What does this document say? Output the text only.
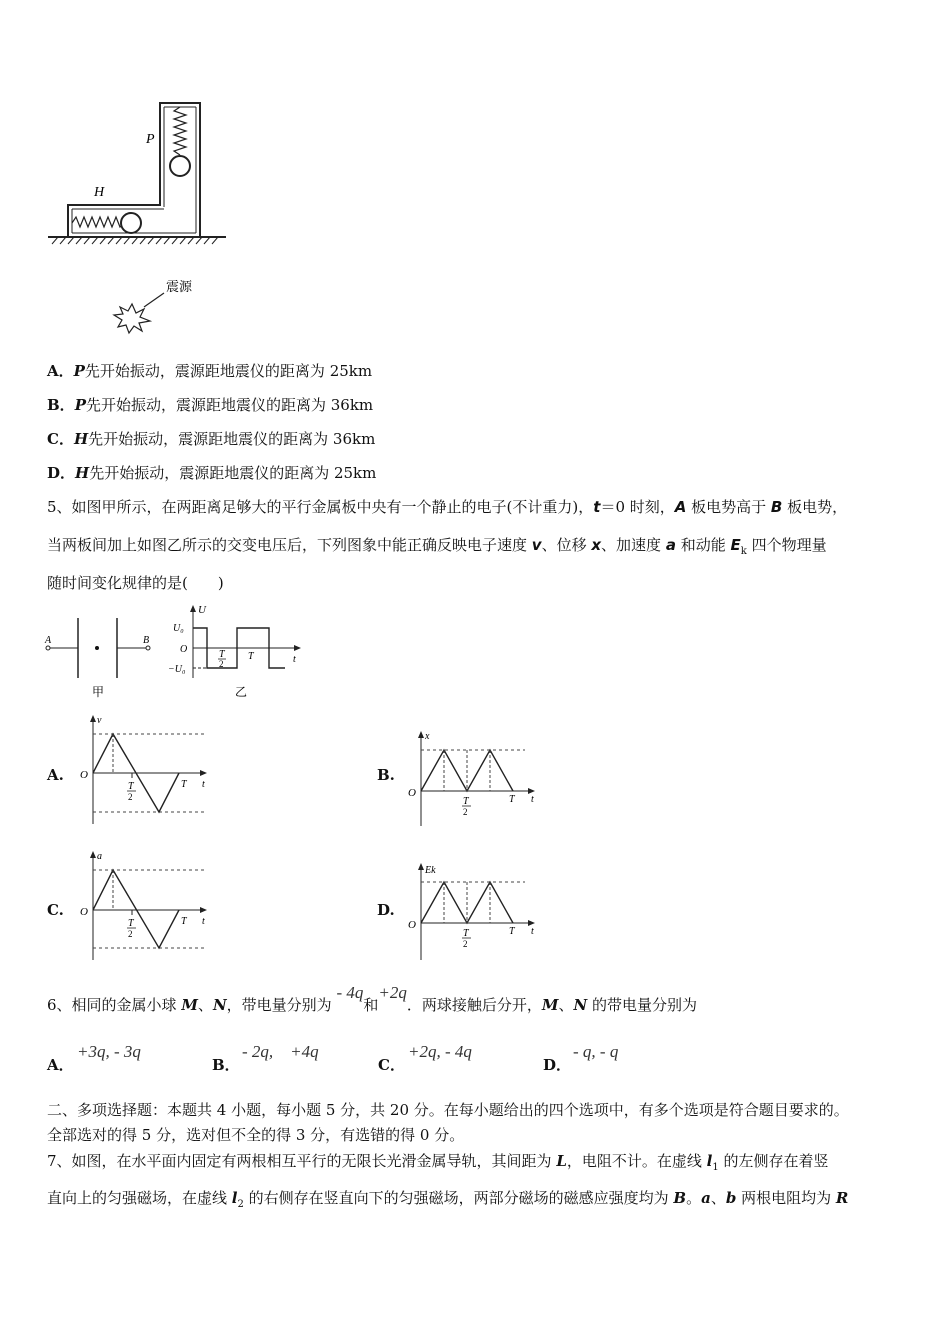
P
H
震源
A．P先开始振动，震源距地震仪的距离为 25km
B．P先开始振动，震源距地震仪的距离为 36km
C．H先开始振动，震源距地震仪的距离为 36km
D．H先开始振动，震源距地震仪的距离为 25km
5、如图甲所示，在两距离足够大的平行金属板中央有一个静止的电子(不计重力)，t＝0 时刻，A 板电势高于 B 板电势，
当两板间加上如图乙所示的交变电压后，下列图象中能正确反映电子速度 v、位移 x、加速度 a 和动能 $E_k$ 四个物理量
随时间变化规律的是(　　)
A	B
甲
U
U₀
O
−U₀
T
2
T	t
乙
A.
v
O
T
2
T t
B.
x
O
T
2
T t
C.
a
O
T
2
T t
D.
Ek
O
T
2
T t
6、相同的金属小球 M、N，带电量分别为 - 4q和+2q．两球接触后分开，M、N 的带电量分别为
A．
+3q, - 3q
B．
- 2q,　+4q
C．
+2q, - 4q
D．
- q, - q
二、多项选择题：本题共 4 小题，每小题 5 分，共 20 分。在每小题给出的四个选项中，有多个选项是符合题目要求的。
全部选对的得 5 分，选对但不全的得 3 分，有选错的得 0 分。
7、如图，在水平面内固定有两根相互平行的无限长光滑金属导轨，其间距为 L，电阻不计。在虚线 $l_1$ 的左侧存在着竖
直向上的匀强磁场，在虚线 $l_2$ 的右侧存在竖直向下的匀强磁场，两部分磁场的磁感应强度均为 B。a、b 两根电阻均为 R
